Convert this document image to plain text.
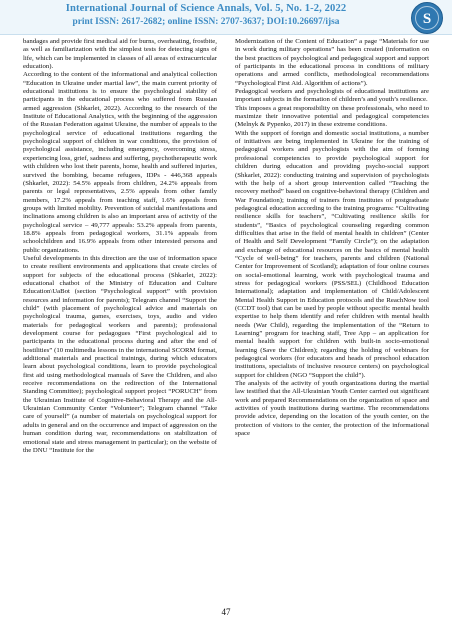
International Journal of Science Annals, Vol. 5, No. 1-2, 2022
print ISSN: 2617-2682; online ISSN: 2707-3637; DOI:10.26697/ijsa	S

bandages and provide first medical aid for burns, overheating, frostbite, as well as familiarization with the simplest tests for detecting signs of life, which can be implemented in classes of all areas of extracurricular education).

According to the content of the informational and analytical collection “Education in Ukraine under martial law”, the main current priority of educational institutions is to ensure the psychological stability of participants in the educational process who suffered from Russian armed aggression (Shkarlet, 2022). According to the research of the Institute of Educational Analytics, with the beginning of the aggression of the Russian Federation against Ukraine, the number of appeals to the psychological service of educational institutions regarding the psychological support of children in war conditions, the provision of psychological assistance, including emergency, overcoming stress, experiencing loss, grief, sadness and suffering, psychotherapeutic work with children who lost their parents, home, health and suffered injuries, survived the bombing, became refugees, IDPs - 446,368 appeals (Shkarlet, 2022): 54.5% appeals from children, 24.2% appeals from parents or legal representatives, 2.5% appeals from other family members, 17.2% appeals from teaching staff, 1.6% appeals from groups with limited mobility. Prevention of suicidal manifestations and inclinations among children is also an important area of activity of the psychological service – 49,777 appeals: 53.2% appeals from parents, 18.8% appeals from pedagogical workers, 31.1% appeals from schoolchildren and 16.9% appeals from other interested persons and public organizations.

Useful developments in this direction are the use of information space to create resilient environments and applications that create circles of support for subjects of the educational process (Shkarlet, 2022): educational chatbot of the Ministry of Education and Culture Education\UaBot (section “Psychological support” with provision resources and information for parents); Telegram channel “Support the child” (with placement of psychological advice and materials on psychological trauma, games, exercises, toys, audio and video materials for pedagogical workers and parents); professional development course for pedagogues “First psychological aid to participants in the educational process during and after the end of hostilities” (10 multimedia lessons in the international SCORM format, additional materials and practical trainings, during which educators learn about psychological conditions, learn to provide psychological first aid using methodological manuals of Save the Children, and also receive recommendations on the redirection of the International Standing Committee); psychological support project “PORUCH” from the Ukrainian Institute of Cognitive-Behavioral Therapy and the All-Ukrainian Community Center “Volunteer”; Telegram channel “Take care of yourself” (a number of materials on psychological support for adults in general and on the occurrence and impact of aggression on the human condition during war, recommendations on stabilization of emotional state and stress management in particular); on the website of the DNU “Institute for the

Modernization of the Content of Education” a page “Materials for use in work during military operations” has been created (information on the best practices of psychological and pedagogical support and support of participants in the educational process in conditions of military operations and armed conflicts, methodological recommendations “Psychological First Aid. Algorithm of actions”).

Pedagogical workers and psychologists of educational institutions are important subjects in the formation of children’s and youth’s resilience.

This imposes a great responsibility on these professionals, who need to maximize their innovative potential and pedagogical competencies (Melnyk & Pypenko, 2017) in these extreme conditions.

With the support of foreign and domestic social institutions, a number of initiatives are being implemented in Ukraine for the training of pedagogical workers and psychologists with the aim of forming professional competencies to provide psychological support for children during education and providing psycho-social support (Shkarlet, 2022): conducting training and supervision of psychologists with the help of a short group intervention called “Teaching the recovery method” based on cognitive-behavioral therapy (Children and War Foundation); training of trainers from institutes of postgraduate pedagogical education according to the training programs: “Cultivating resilience skills for teachers”, “Cultivating resilience skills for students”, “Basics of psychological counseling regarding common difficulties that arise in the field of mental health in children” (Center of Health and Self Development “Family Circle”); on the adaptation and exchange of educational resources on the basics of mental health “Cycle of well-being” for teachers, parents and children (National Center for Improvement of Scotland); adaptation of four online courses on social-emotional learning, work with psychological trauma and stress for pedagogical workers (PSS/SEL) (Childhood Education International); adaptation and implementation of Child/Adolescent Mental Health Support in Education protocols and the ReachNow tool (CCDT tool) that can be used by people without specific mental health expertise to help them identify and refer children with mental health needs (War Child), regarding the implementation of the “Return to Learning” program for teaching staff, Tree App – an application for mental health support for children with built-in socio-emotional learning (Save the Children); regarding the holding of webinars for pedagogical workers (for educators and heads of preschool education institutions, specialists of inclusive resource centers) on psychological support for children (NGO “Support the child”).

The analysis of the activity of youth organizations during the martial law testified that the All-Ukrainian Youth Center carried out significant work and prepared Recommendations on the organization of space and activities of youth institutions during wartime. The recommendations provide advice, depending on the location of the youth center, on the protection of visitors to the center, the protection of the informational space

47
